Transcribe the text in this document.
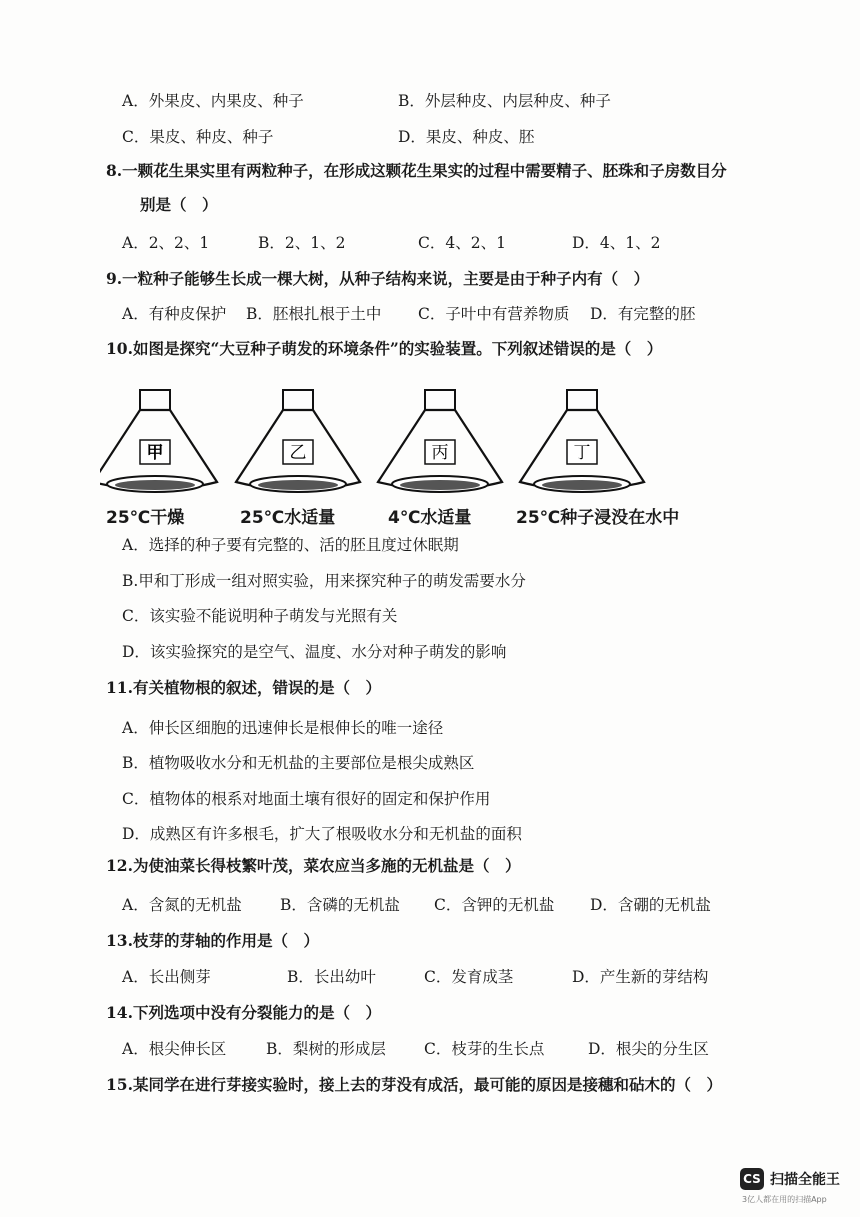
A．外果皮、内果皮、种子	B．外层种皮、内层种皮、种子
C．果皮、种皮、种子	D．果皮、种皮、胚
8.一颗花生果实里有两粒种子，在形成这颗花生果实的过程中需要精子、胚珠和子房数目分
别是（　）
A．2、2、1	B．2、1、2	C．4、2、1	D．4、1、2
9.一粒种子能够生长成一棵大树，从种子结构来说，主要是由于种子内有（　）
A．有种皮保护 B．胚根扎根于土中 C．子叶中有营养物质 D．有完整的胚
10.如图是探究“大豆种子萌发的环境条件”的实验装置。下列叙述错误的是（　）
甲	乙	丙	丁
25℃干燥	25℃水适量	4℃水适量	25℃种子浸没在水中
A．选择的种子要有完整的、活的胚且度过休眠期
B.甲和丁形成一组对照实验，用来探究种子的萌发需要水分
C．该实验不能说明种子萌发与光照有关
D．该实验探究的是空气、温度、水分对种子萌发的影响
11.有关植物根的叙述，错误的是（　）
A．伸长区细胞的迅速伸长是根伸长的唯一途径
B．植物吸收水分和无机盐的主要部位是根尖成熟区
C．植物体的根系对地面土壤有很好的固定和保护作用
D．成熟区有许多根毛，扩大了根吸收水分和无机盐的面积
12.为使油菜长得枝繁叶茂，菜农应当多施的无机盐是（　）
A．含氮的无机盐 B．含磷的无机盐 C．含钾的无机盐 D．含硼的无机盐
13.枝芽的芽轴的作用是（　）
A．长出侧芽	B．长出幼叶	C．发育成茎	D．产生新的芽结构
14.下列选项中没有分裂能力的是（　）
A．根尖伸长区	B．梨树的形成层 C．枝芽的生长点	D．根尖的分生区
15.某同学在进行芽接实验时，接上去的芽没有成活，最可能的原因是接穗和砧木的（　）
CS 扫描全能王
3亿人都在用的扫描App
